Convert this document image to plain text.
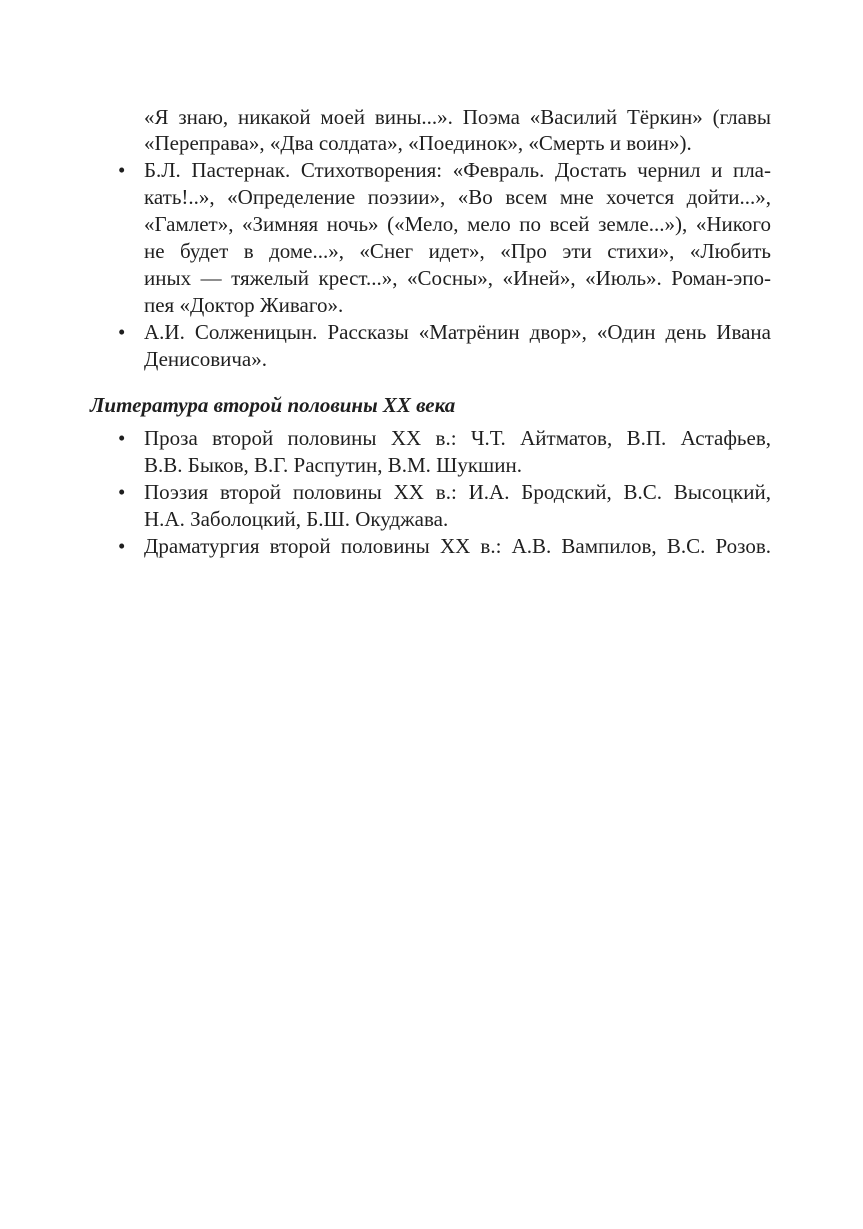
«Я знаю, никакой моей вины...». Поэма «Василий Тёркин» (главы
«Переправа», «Два солдата», «Поединок», «Смерть и воин»).
• Б.Л. Пастернак. Стихотворения: «Февраль. Достать чернил и пла-
кать!..», «Определение поэзии», «Во всем мне хочется дойти...»,
«Гамлет», «Зимняя ночь» («Мело, мело по всей земле...»), «Никого
не будет в доме...», «Снег идет», «Про эти стихи», «Любить
иных — тяжелый крест...», «Сосны», «Иней», «Июль». Роман-эпо-
пея «Доктор Живаго».
• А.И. Солженицын. Рассказы «Матрёнин двор», «Один день Ивана
Денисовича».
Литература второй половины XX века
• Проза второй половины XX в.: Ч.Т. Айтматов, В.П. Астафьев,
В.В. Быков, В.Г. Распутин, В.М. Шукшин.
• Поэзия второй половины XX в.: И.А. Бродский, В.С. Высоцкий,
Н.А. Заболоцкий, Б.Ш. Окуджава.
• Драматургия второй половины XX в.: А.В. Вампилов, В.С. Розов.
